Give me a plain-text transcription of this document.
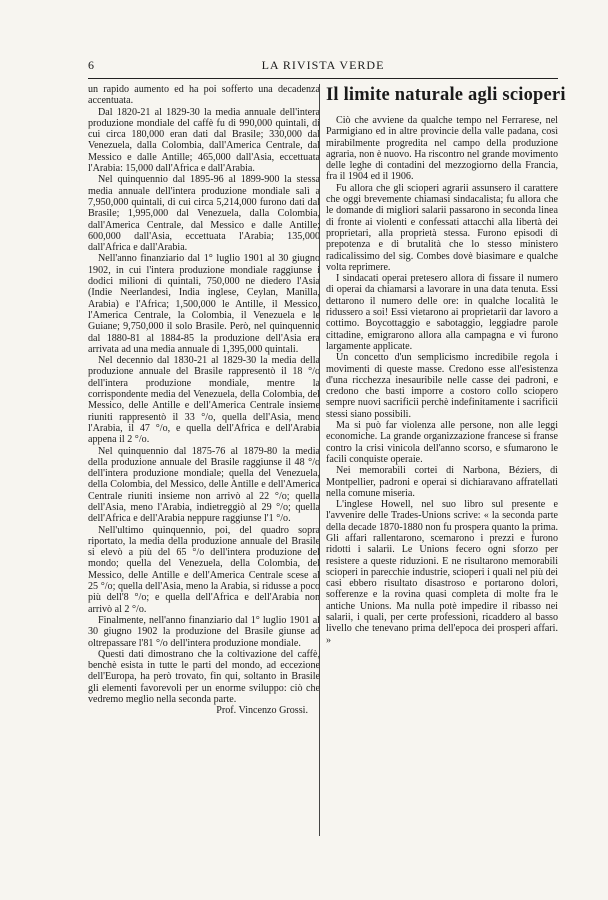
6	LA RIVISTA VERDE

un rapido aumento ed ha poi sofferto una decadenza accentuata.

Dal 1820-21 al 1829-30 la media annuale dell'intera produzione mondiale del caffè fu di 990,000 quintali, di cui circa 180,000 eran dati dal Brasile; 330,000 dal Venezuela, dalla Colombia, dall'America Centrale, dal Messico e dalle Antille; 465,000 dall'Asia, eccettuata l'Arabia: 15,000 dall'Africa e dall'Arabia.

Nel quinquennio dal 1895-96 al 1899-900 la stessa media annuale dell'intera produzione mondiale salì a 7,950,000 quintali, di cui circa 5,214,000 furono dati dal Brasile; 1,995,000 dal Venezuela, dalla Colombia, dall'America Centrale, dal Messico e dalle Antille; 600,000 dall'Asia, eccettuata l'Arabia; 135,000 dall'Africa e dall'Arabia.

Nell'anno finanziario dal 1° luglio 1901 al 30 giugno 1902, in cui l'intera produzione mondiale raggiunse i dodici milioni di quintali, 750,000 ne diedero l'Asia (Indie Neerlandesi, India inglese, Ceylan, Manilla, Arabia) e l'Africa; 1,500,000 le Antille, il Messico, l'America Centrale, la Colombia, il Venezuela e le Guiane; 9,750,000 il solo Brasile. Però, nel quinquennio dal 1880-81 al 1884-85 la produzione dell'Asia era arrivata ad una media annuale di 1,395,000 quintali.

Nel decennio dal 1830-21 al 1829-30 la media della produzione annuale del Brasile rappresentò il 18 °/o dell'intera produzione mondiale, mentre la corrispondente media del Venezuela, della Colombia, del Messico, delle Antille e dell'America Centrale insieme riuniti rappresentò il 33 °/o, quella dell'Asia, meno l'Arabia, il 47 °/o, e quella dell'Africa e dell'Arabia appena il 2 °/o.

Nel quinquennio dal 1875-76 al 1879-80 la media della produzione annuale del Brasile raggiunse il 48 °/o dell'intera produzione mondiale; quella del Venezuela, della Colombia, del Messico, delle Antille e dell'America Centrale riuniti insieme non arrivò al 22 °/o; quella dell'Asia, meno l'Arabia, indietreggiò al 29 °/o; quella dell'Africa e dell'Arabia neppure raggiunse l'1 °/o.

Nell'ultimo quinquennio, poi, del quadro sopra riportato, la media della produzione annuale del Brasile si elevò a più del 65 °/o dell'intera produzione del mondo; quella del Venezuela, della Colombia, del Messico, delle Antille e dell'America Centrale scese al 25 °/o; quella dell'Asia, meno la Arabia, si ridusse a poco più dell'8 °/o; e quella dell'Africa e dell'Arabia non arrivò al 2 °/o.

Finalmente, nell'anno finanziario dal 1° luglio 1901 al 30 giugno 1902 la produzione del Brasile giunse ad oltrepassare l'81 °/o dell'intera produzione mondiale.

Questi dati dimostrano che la coltivazione del caffè, benchè esista in tutte le parti del mondo, ad eccezione dell'Europa, ha però trovato, fin qui, soltanto in Brasile gli elementi favorevoli per un enorme sviluppo: ciò che vedremo meglio nella seconda parte.

Prof. Vincenzo Grossi.
Il limite naturale agli scioperi

Ciò che avviene da qualche tempo nel Ferrarese, nel Parmigiano ed in altre provincie della valle padana, così mirabilmente progredita nel campo della produzione agraria, non è nuovo. Ha riscontro nel grande movimento delle leghe di contadini del mezzogiorno della Francia, fra il 1904 ed il 1906.

Fu allora che gli scioperi agrarii assunsero il carattere che oggi brevemente chiamasi sindacalista; fu allora che le domande di migliori salarii passarono in seconda linea di fronte ai violenti e confessati attacchi alla libertà dei proprietari, alla proprietà stessa. Furono episodi di prepotenza e di brutalità che lo stesso ministero radicalissimo del sig. Combes dovè biasimare e qualche volta reprimere.

I sindacati operai pretesero allora di fissare il numero di operai da chiamarsi a lavorare in una data tenuta. Essi dettarono il numero delle ore: in qualche località le ridussero a soi! Essi vietarono ai proprietarii dar lavoro a cottimo. Boycottaggio e sabotaggio, leggiadre parole cittadine, emigrarono allora alla campagna e vi furono largamente applicate.

Un concetto d'un semplicismo incredibile regola i movimenti di queste masse. Credono esse all'esistenza d'una ricchezza inesauribile nelle casse dei padroni, e credono che basti imporre a costoro collo sciopero sempre nuovi sacrificii perchè indefinitamente i sacrificii stessi siano possibili.

Ma si può far violenza alle persone, non alle leggi economiche. La grande organizzazione francese si franse contro la crisi vinicola dell'anno scorso, e sfumarono le facili conquiste operaie.

Nei memorabili cortei di Narbona, Béziers, di Montpellier, padroni e operai si dichiaravano affratellati nella comune miseria.

L'inglese Howell, nel suo libro sul presente e l'avvenire delle Trades-Unions scrive: « la seconda parte della decade 1870-1880 non fu prospera quanto la prima. Gli affari rallentarono, scemarono i prezzi e furono ridotti i salarii. Le Unions fecero ogni sforzo per resistere a queste riduzioni. E ne risultarono memorabili scioperi in parecchie industrie, scioperi i quali nel più dei casi ebbero risultato disastroso e portarono dolori, sofferenze e la rovina quasi completa di molte fra le antiche Unions. Ma nulla potè impedire il ribasso nei salarii, i quali, per certe professioni, ricaddero al basso livello che tenevano prima dell'epoca dei prosperi affari. »
